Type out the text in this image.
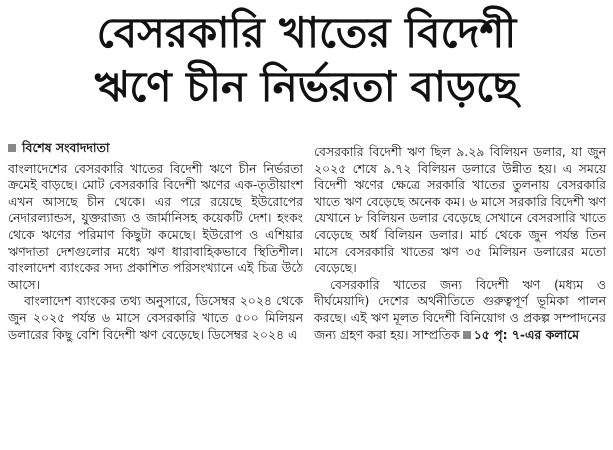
বেসরকারি খাতের বিদেশী
ঋণে চীন নির্ভরতা বাড়ছে
বিশেষ সংবাদদাতা

বাংলাদেশের বেসরকারি খাতের বিদেশী ঋণে চীন নির্ভরতা ক্রমেই বাড়ছে। মোট বেসরকারি বিদেশী ঋণের এক-তৃতীয়াংশ এখন আসছে চীন থেকে। এর পরে রয়েছে ইউরোপের নেদারল্যান্ডস, যুক্তরাজ্য ও জার্মানিসহ কয়েকটি দেশ। হংকং থেকে ঋণের পরিমাণ কিছুটা কমেছে। ইউরোপ ও এশিয়ার ঋণদাতা দেশগুলোর মধ্যে ঋণ ধারাবাহিকভাবে স্থিতিশীল। বাংলাদেশ ব্যাংকের সদ্য প্রকাশিত পরিসংখ্যানে এই চিত্র উঠে আসে।

বাংলাদেশ ব্যাংকের তথ্য অনুসারে, ডিসেম্বর ২০২৪ থেকে জুন ২০২৫ পর্যন্ত ৬ মাসে বেসরকারি খাতে ৫০০ মিলিয়ন ডলারের কিছু বেশি বিদেশী ঋণ বেড়েছে। ডিসেম্বর ২০২৪ এ

বেসরকারি বিদেশী ঋণ ছিল ৯.২৯ বিলিয়ন ডলার, যা জুন ২০২৫ শেষে ৯.৭২ বিলিয়ন ডলারে উন্নীত হয়। এ সময়ে বিদেশী ঋণের ক্ষেত্রে সরকারি খাতের তুলনায় বেসরকারি খাতে ঋণ বেড়েছে অনেক কম। ৬ মাসে সরকারি বিদেশী ঋণ যেখানে ৮ বিলিয়ন ডলার বেড়েছে সেখানে বেসরসারি খাতে বেড়েছে অর্ধ বিলিয়ন ডলার। মার্চ থেকে জুন পর্যন্ত তিন মাসে বেসরকারি খাতের ঋণ ৩৫ মিলিয়ন ডলারের মতো বেড়েছে।

বেসরকারি খাতের জন্য বিদেশী ঋণ (মধ্যম ও দীর্ঘমেয়াদি) দেশের অর্থনীতিতে গুরুত্বপূর্ণ ভূমিকা পালন করছে। এই ঋণ মূলত বিদেশী বিনিয়োগ ও প্রকল্প সম্পাদনের জন্য গ্রহণ করা হয়। সাম্প্রতিক ১৫ পৃ: ৭-এর কলামে
